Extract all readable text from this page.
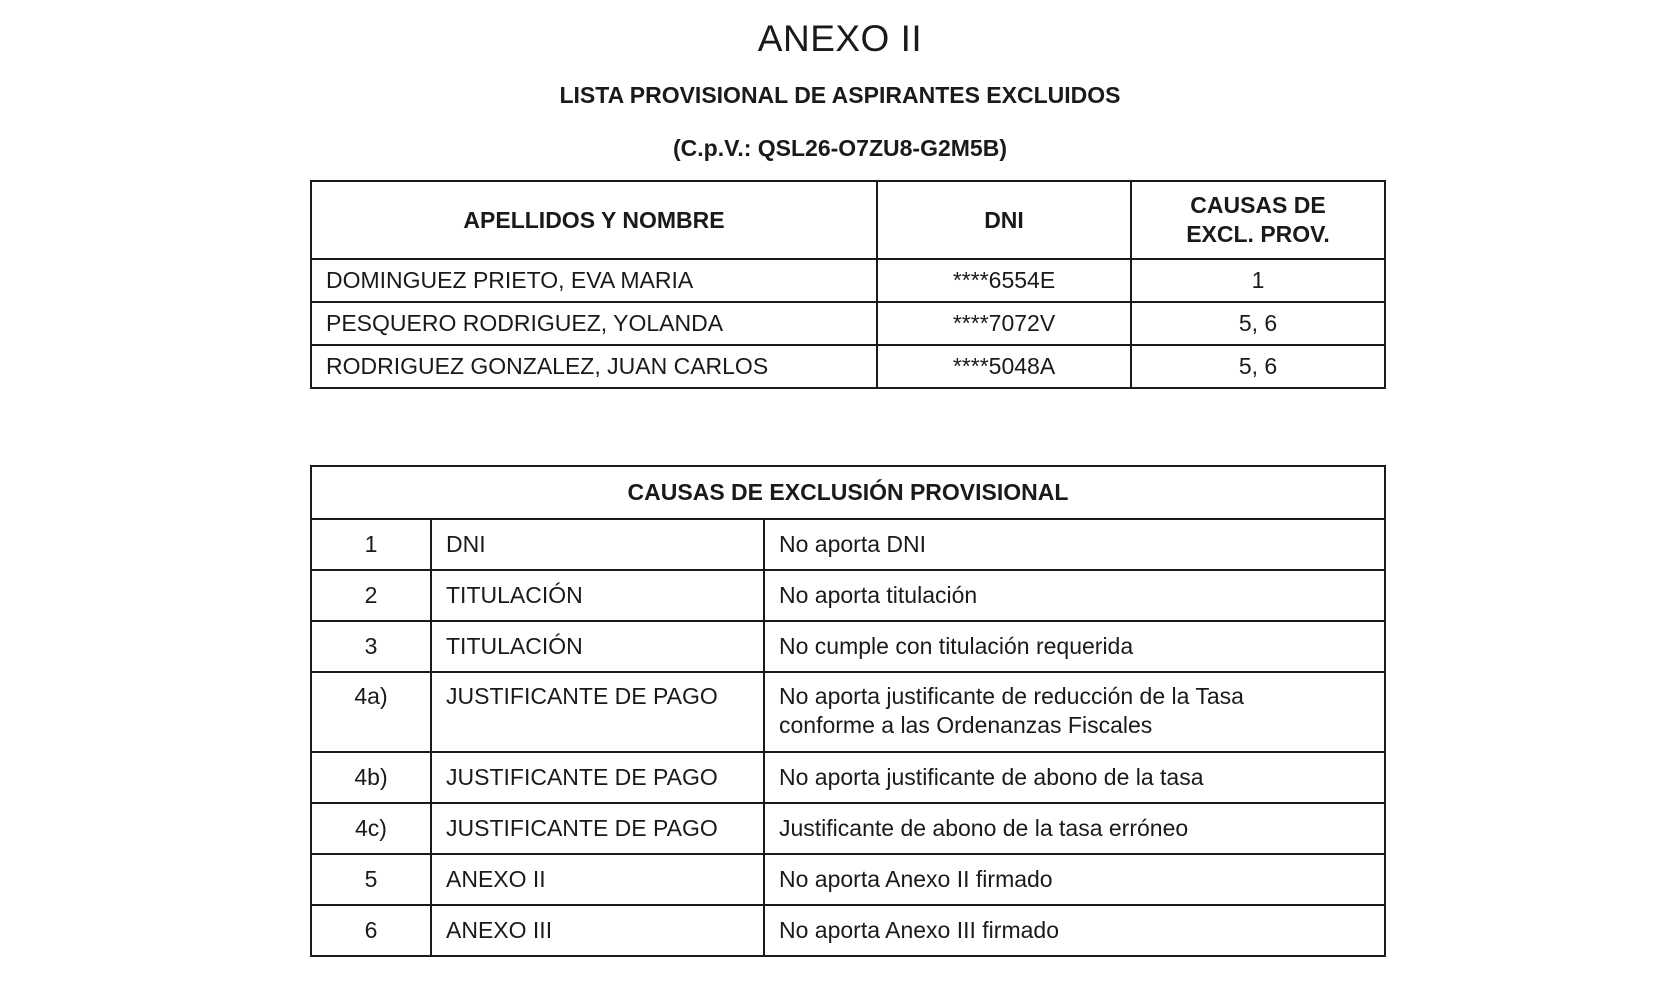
ANEXO II
LISTA PROVISIONAL DE ASPIRANTES EXCLUIDOS
(C.p.V.: QSL26-O7ZU8-G2M5B)
APELLIDOS Y NOMBRE	DNI	CAUSAS DE
EXCL. PROV.

DOMINGUEZ PRIETO, EVA MARIA	****6554E	1
PESQUERO RODRIGUEZ, YOLANDA	****7072V	5, 6
RODRIGUEZ GONZALEZ, JUAN CARLOS	****5048A	5, 6
CAUSAS DE EXCLUSIÓN PROVISIONAL		
1	DNI	No aporta DNI
2	TITULACIÓN	No aporta titulación
3	TITULACIÓN	No cumple con titulación requerida
4a)	JUSTIFICANTE DE PAGO	No aporta justificante de reducción de la Tasa
conforme a las Ordenanzas Fiscales

4b)	JUSTIFICANTE DE PAGO	No aporta justificante de abono de la tasa
4c)	JUSTIFICANTE DE PAGO	Justificante de abono de la tasa erróneo
5	ANEXO II	No aporta Anexo II firmado
6	ANEXO III	No aporta Anexo III firmado
